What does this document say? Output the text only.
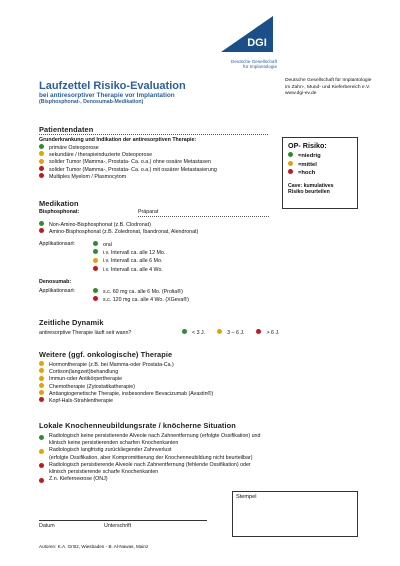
DGI
Deutsche Gesellschaft
für Implantologie
Laufzettel Risiko-Evaluation
bei antiresorptiver Therapie vor Implantation
(Bisphosphonat-, Denosumab-Medikation)
Deutsche Gesellschaft für Implantologie
im Zahn-, Mund- und Kieferbereich e.V.
www.dgi-ev.de
Patientendaten
Grunderkrankung und Indikation der antiresorptiven Therapie:
primäre Osteoporose
sekundäre / therapieinduzierte Osteoporose
solider Tumor (Mamma-, Prostata- Ca. o.a.) ohne ossäre Metastasen
solider Tumor (Mamma-, Prostata- Ca. o.a.) mit ossärer Metastasierung
Multiples Myelom / Plasmocytom
OP- Risiko:
=niedrig
=mittel
=hoch
Cave: kumulatives
Risiko beurteilen
Medikation
Bisphosphonat:	Präparat
Non-Amino-Bisphosphonat (z.B. Clodronat)
Amino-Bisphosphonat (z.B. Zoledronat, Ibandronat, Alendronat)
Applikationsart:	oral
i.v. Intervall ca. alle 12 Mo.
i.v. Intervall ca. alle 6 Mo.
i.v. Intervall ca. alle 4 Wo.
Denosumab:
Applikationsart:	s.c. 60 mg ca. alle 6 Mo. (Prolia®)
s.c. 120 mg ca. alle 4 Wo. (XGeva®)
Zeitliche Dynamik
antiresorptive Therapie läuft seit wann?	< 3 J.	3 – 6 J.	> 6 J.
Weitere (ggf. onkologische) Therapie
Hormontherapie (z.B. bei Mamma-oder Prostata-Ca.)
Cortison(langzeit)behandlung
Immun-oder Antikörpertherapie
Chemotherapie (Zytostatikatherapie)
Antiangiogenetische Therapie, insbesondere Bevacizumab (Avastin®)
Kopf-Hals-Strahlentherapie
Lokale Knochenneubildungsrate / knöcherne Situation
Radiologisch keine persistierende Alveole nach Zahnentfernung (erfolgte Ossifikation) und
klinisch keine persistierenden scharfen Knochenkanten
Radiologisch langfristig zurückliegender Zahnverlust
(erfolgte Ossifikation, aber Kompromittierung der Knochenneubildung nicht beurteilbar)
Radiologisch persistierende Alveole nach Zahnentfernung (fehlende Ossifikation) oder
klinisch persistierende scharfe Knochenkanten
Z.n. Kieferneкrose (ONJ)
Stempel
Datum	Unterschrift
Autoren: K.A. Grötz, Wiesbaden - B. Al-Nawas, Mainz
